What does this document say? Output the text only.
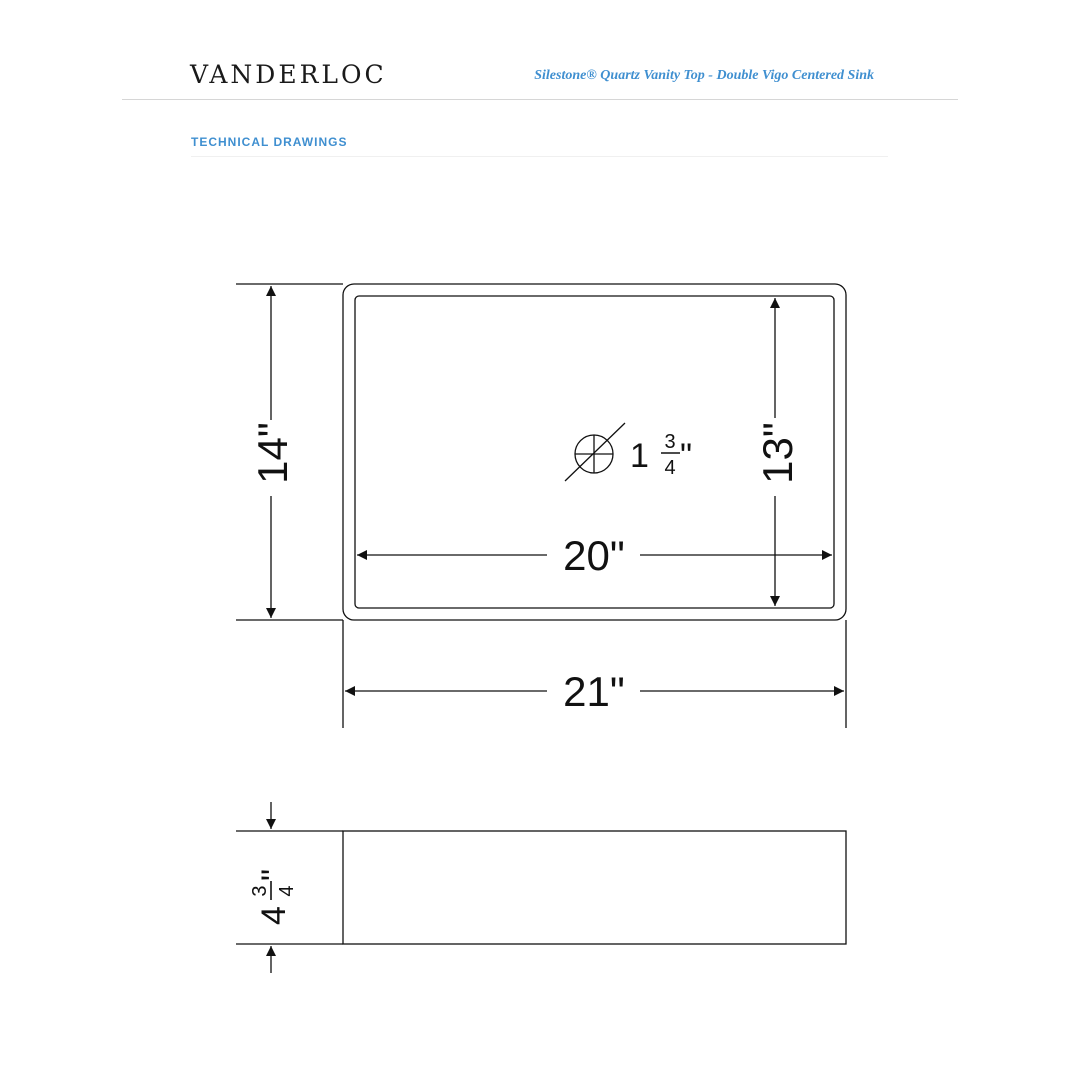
VANDERLOC	Silestone® Quartz Vanity Top - Double Vigo Centered Sink
TECHNICAL DRAWINGS
14"	13"
20"
21"
1 3
4 "
4
3 4
"
